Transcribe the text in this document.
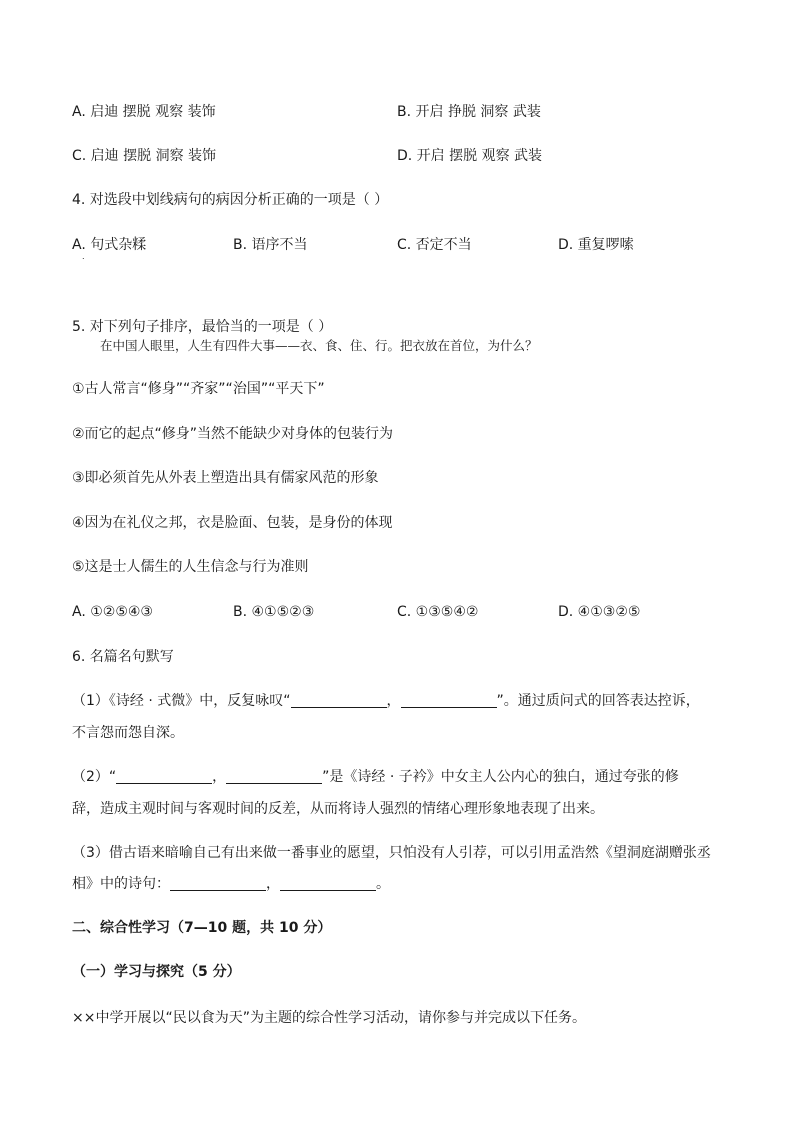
A. 启迪 摆脱 观察 装饰	B. 开启 挣脱 洞察 武装
C. 启迪 摆脱 洞察 装饰	D. 开启 摆脱 观察 武装
4. 对选段中划线病句的病因分析正确的一项是（ ）
A. 句式杂糅	B. 语序不当	C. 否定不当	D. 重复啰嗦
.
5. 对下列句子排序，最恰当的一项是（ ）
在中国人眼里，人生有四件大事——衣、食、住、行。把衣放在首位，为什么？
①古人常言“修身”“齐家”“治国”“平天下”
②而它的起点“修身”当然不能缺少对身体的包装行为
③即必须首先从外表上塑造出具有儒家风范的形象
④因为在礼仪之邦，衣是脸面、包装，是身份的体现
⑤这是士人儒生的人生信念与行为准则
A. ①②⑤④③	B. ④①⑤②③	C. ①③⑤④②	D. ④①③②⑤
6. 名篇名句默写
（1）《诗经 · 式微》中，反复咏叹“	，	”。通过质问式的回答表达控诉，
不言怨而怨自深。
（2）“	，	”是《诗经 · 子衿》中女主人公内心的独白，通过夸张的修
辞，造成主观时间与客观时间的反差，从而将诗人强烈的情绪心理形象地表现了出来。
（3）借古语来暗喻自己有出来做一番事业的愿望，只怕没有人引荐，可以引用孟浩然《望洞庭湖赠张丞
相》中的诗句：	，	。
二、综合性学习（7—10 题，共 10 分）
（一）学习与探究（5 分）
××中学开展以“民以食为天”为主题的综合性学习活动，请你参与并完成以下任务。
